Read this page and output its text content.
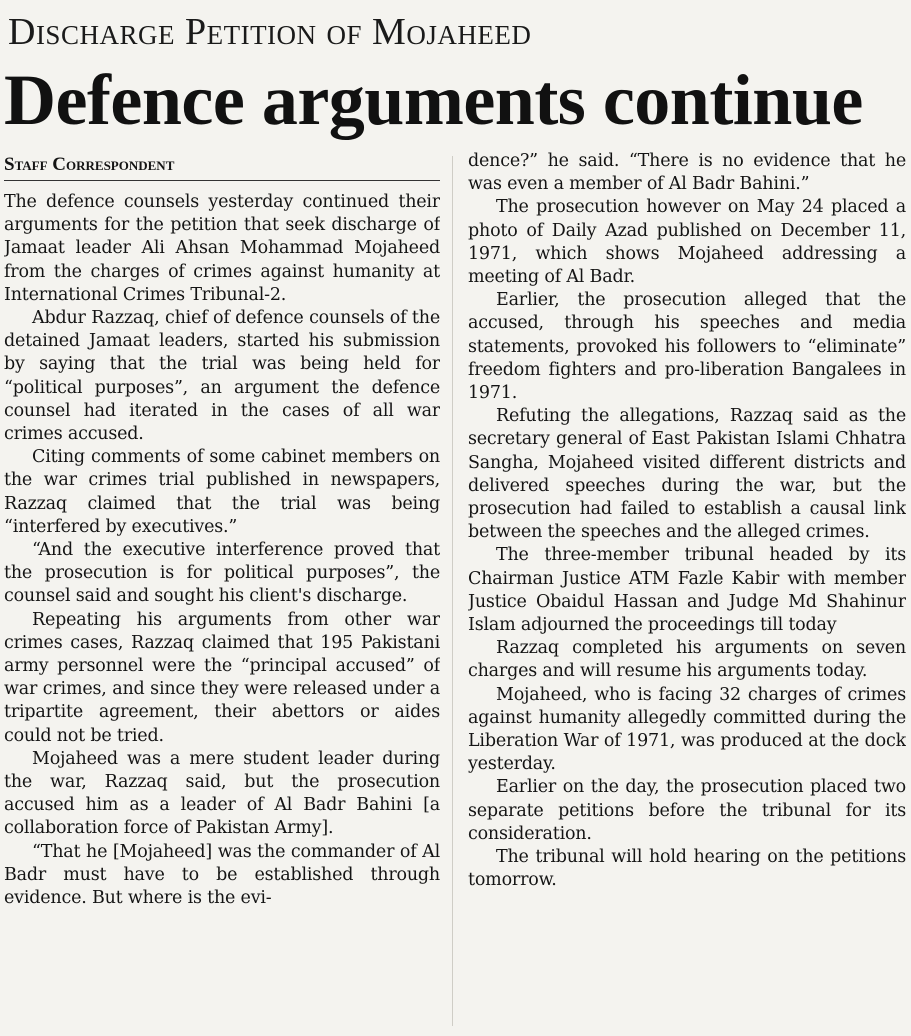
Discharge Petition of Mojaheed
Defence arguments continue
Staff Correspondent

The defence counsels yesterday continued their arguments for the petition that seek discharge of Jamaat leader Ali Ahsan Mohammad Mojaheed from the charges of crimes against humanity at International Crimes Tribunal-2.

Abdur Razzaq, chief of defence counsels of the detained Jamaat leaders, started his submission by saying that the trial was being held for “political purposes”, an argument the defence counsel had iterated in the cases of all war crimes accused.

Citing comments of some cabinet members on the war crimes trial published in newspapers, Razzaq claimed that the trial was being “interfered by executives.”

“And the executive interference proved that the prosecution is for political purposes”, the counsel said and sought his client's discharge.

Repeating his arguments from other war crimes cases, Razzaq claimed that 195 Pakistani army personnel were the “principal accused” of war crimes, and since they were released under a tripartite agreement, their abettors or aides could not be tried.

Mojaheed was a mere student leader during the war, Razzaq said, but the prosecution accused him as a leader of Al Badr Bahini [a collaboration force of Pakistan Army].

“That he [Mojaheed] was the commander of Al Badr must have to be established through evidence. But where is the evi-

dence?” he said. “There is no evidence that he was even a member of Al Badr Bahini.”

The prosecution however on May 24 placed a photo of Daily Azad published on December 11, 1971, which shows Mojaheed addressing a meeting of Al Badr.

Earlier, the prosecution alleged that the accused, through his speeches and media statements, provoked his followers to “eliminate” freedom fighters and pro-liberation Bangalees in 1971.

Refuting the allegations, Razzaq said as the secretary general of East Pakistan Islami Chhatra Sangha, Mojaheed visited different districts and delivered speeches during the war, but the prosecution had failed to establish a causal link between the speeches and the alleged crimes.

The three-member tribunal headed by its Chairman Justice ATM Fazle Kabir with member Justice Obaidul Hassan and Judge Md Shahinur Islam adjourned the proceedings till today

Razzaq completed his arguments on seven charges and will resume his arguments today.

Mojaheed, who is facing 32 charges of crimes against humanity allegedly committed during the Liberation War of 1971, was produced at the dock yesterday.

Earlier on the day, the prosecution placed two separate petitions before the tribunal for its consideration.

The tribunal will hold hearing on the petitions tomorrow.
